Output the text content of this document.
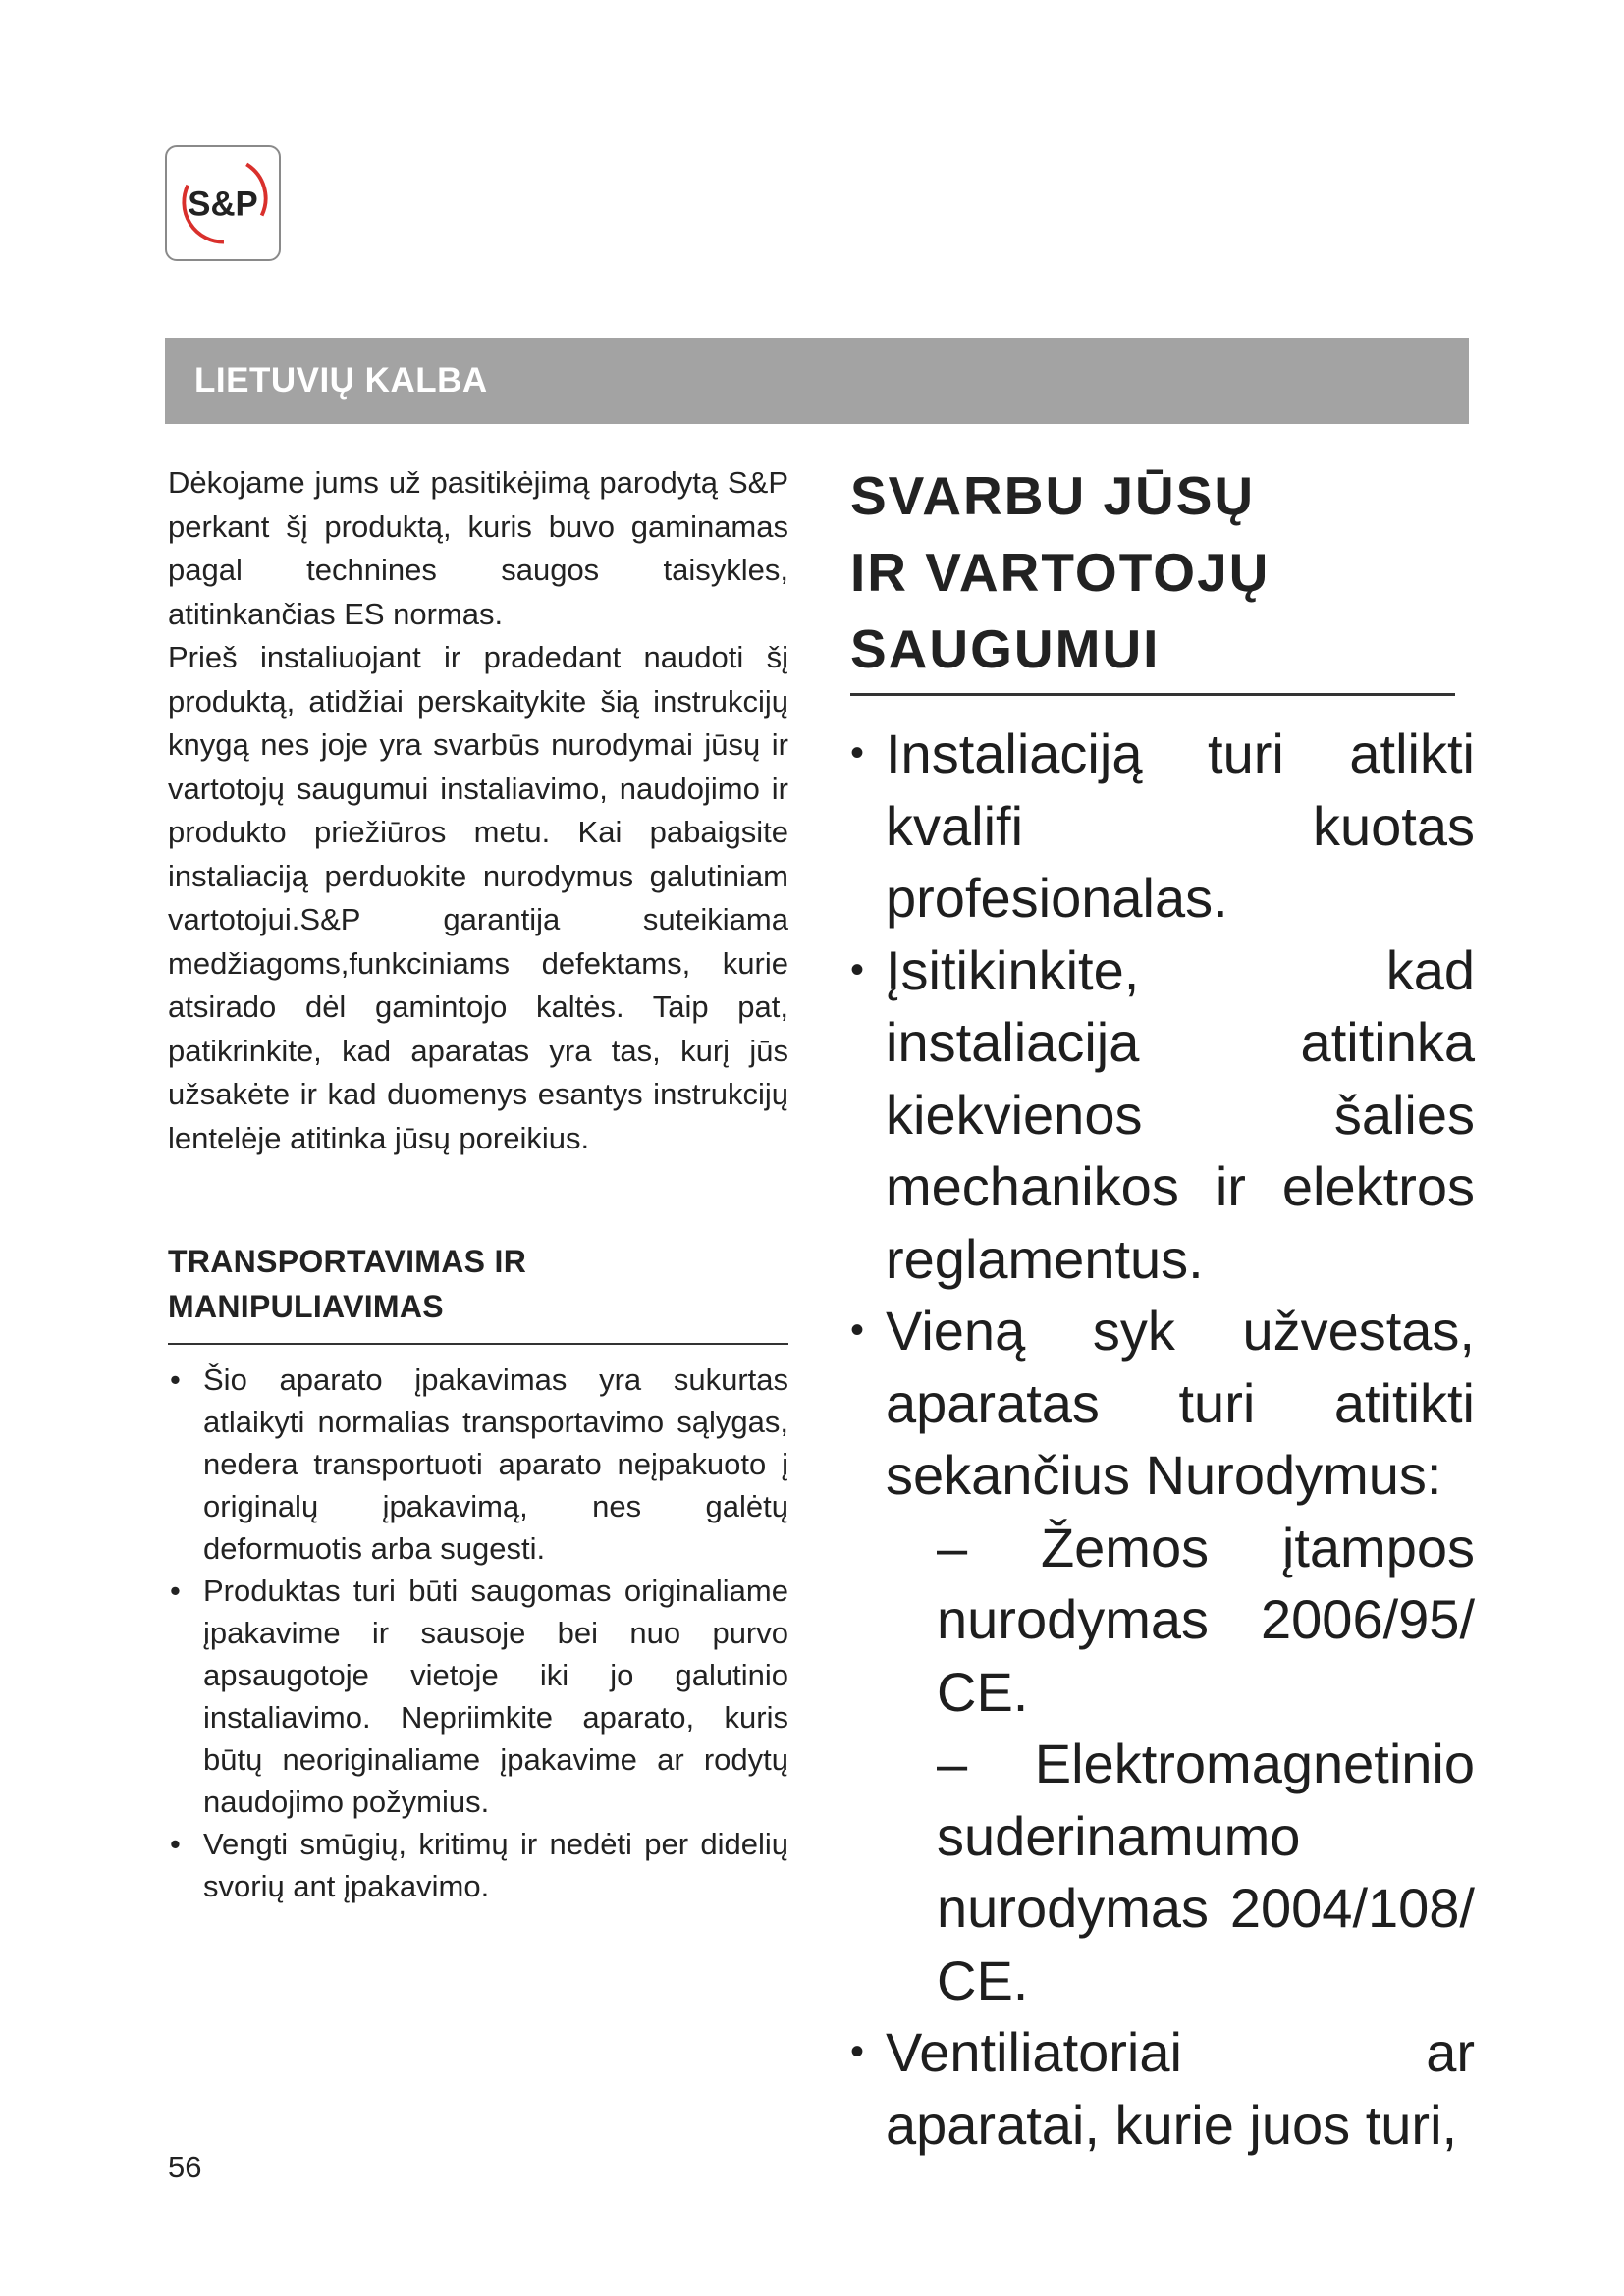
S&P
LIETUVIŲ KALBA

Dėkojame jums už pasitikėjimą parodytą S&P perkant šį produktą, kuris buvo gaminamas pagal technines saugos taisykles, atitinkančias ES normas.

Prieš instaliuojant ir pradedant naudoti šį produktą, atidžiai perskaitykite šią instrukcijų knygą nes joje yra svarbūs nurodymai jūsų ir vartotojų saugumui instaliavimo, naudojimo ir produkto priežiūros metu. Kai pabaigsite instaliaciją perduokite nurodymus galutiniam vartotojui.S&P garantija suteikiama medžiagoms,funkciniams defektams, kurie atsirado dėl gamintojo kaltės. Taip pat, patikrinkite, kad aparatas yra tas, kurį jūs užsakėte ir kad duomenys esantys instrukcijų lentelėje atitinka jūsų poreikius.

TRANSPORTAVIMAS IR
MANIPULIAVIMAS
• Šio aparato įpakavimas yra sukurtas atlaikyti normalias transportavimo sąlygas, nedera transportuoti aparato neįpakuoto į originalų įpakavimą, nes galėtų deformuotis arba sugesti.
• Produktas turi būti saugomas originaliame įpakavime ir sausoje bei nuo purvo apsaugotoje vietoje iki jo galutinio instaliavimo. Nepriimkite aparato, kuris būtų neoriginaliame įpakavime ar rodytų naudojimo požymius.
• Vengti smūgių, kritimų ir nedėti per didelių svorių ant įpakavimo.
SVARBU JŪSŲ
IR VARTOTOJŲ
SAUGUMUI
• Instaliaciją turi atlikti kvalifi kuotas profesionalas.
• Įsitikinkite, kad instaliacija atitinka kiekvienos šalies mechanikos ir elektros reglamentus.
• Vieną syk užvestas, aparatas turi atitikti sekančius Nurodymus:
– Žemos įtampos nurodymas 2006/95/ CE.
– Elektromagnetinio suderinamumo nurodymas 2004/108/ CE.
• Ventiliatoriai ar aparatai, kurie juos turi,
56
